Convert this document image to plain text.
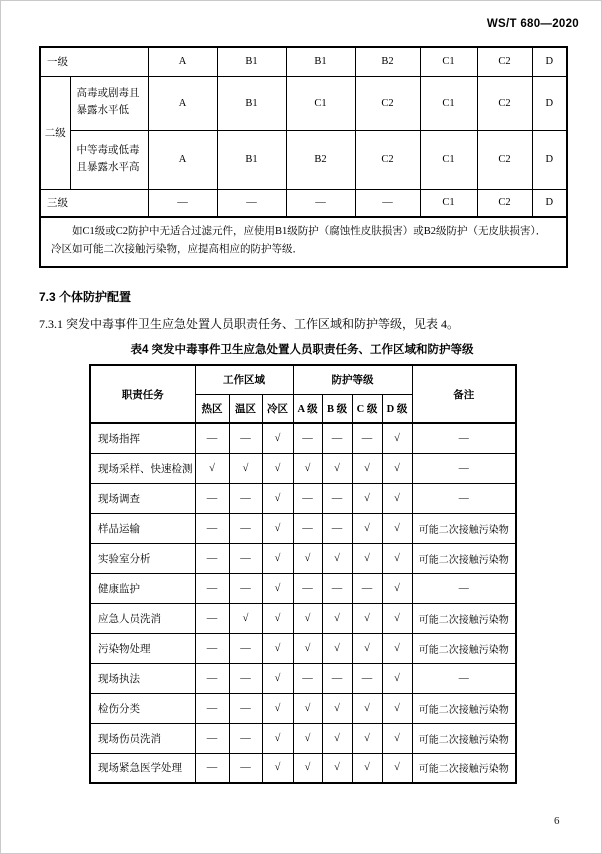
WS/T 680—2020
一级		A	B1	B1	B2	C1	C2	D
二级	高毒或剧毒且暴露水平低	A	B1	C1	C2	C1	C2	D
	中等毒或低毒且暴露水平高	A	B1	B2	C2	C1	C2	D
三级		—	—	—	—	C1	C2	D
如C1级或C2防护中无适合过滤元件，应使用B1级防护（腐蚀性皮肤损害）或B2级防护（无皮肤损害）．冷区如可能二次接触污染物，应提高相应的防护等级．								
7.3 个体防护配置
7.3.1 突发中毒事件卫生应急处置人员职责任务、工作区域和防护等级，见表 4。
表4 突发中毒事件卫生应急处置人员职责任务、工作区域和防护等级
职责任务	工作区域			防护等级				备注
	热区	温区	冷区	A 级	B 级	C 级	D 级	
现场指挥	—	—	√	—	—	—	√	—
现场采样、快速检测	√	√	√	√	√	√	√	—
现场调查	—	—	√	—	—	√	√	—
样品运输	—	—	√	—	—	√	√	可能二次接触污染物
实验室分析	—	—	√	√	√	√	√	可能二次接触污染物
健康监护	—	—	√	—	—	—	√	—
应急人员洗消	—	√	√	√	√	√	√	可能二次接触污染物
污染物处理	—	—	√	√	√	√	√	可能二次接触污染物
现场执法	—	—	√	—	—	—	√	—
检伤分类	—	—	√	√	√	√	√	可能二次接触污染物
现场伤员洗消	—	—	√	√	√	√	√	可能二次接触污染物
现场紧急医学处理	—	—	√	√	√	√	√	可能二次接触污染物
6
